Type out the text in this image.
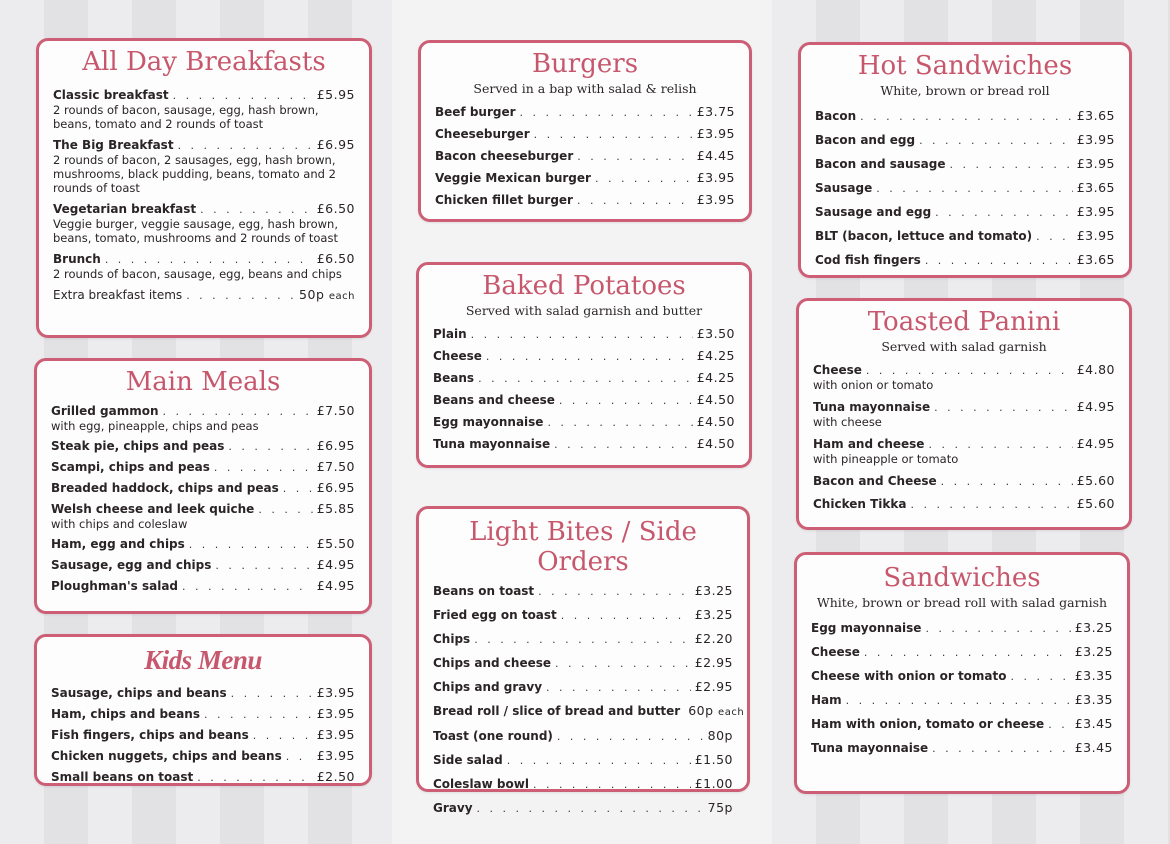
All Day Breakfasts
Classic breakfast . . .	£5.95
2 rounds of bacon, sausage, egg, hash brown, beans, tomato and 2 rounds of toast
The Big Breakfast . . .	£6.95
2 rounds of bacon, 2 sausages, egg, hash brown, mushrooms, black pudding, beans, tomato and 2 rounds of toast
Vegetarian breakfast . . .	£6.50
Veggie burger, veggie sausage, egg, hash brown, beans, tomato, mushrooms and 2 rounds of toast
Brunch . . .	£6.50
2 rounds of bacon, sausage, egg, beans and chips
Extra breakfast items . . .	50p each
Main Meals
Grilled gammon . . .	£7.50
with egg, pineapple, chips and peas
Steak pie, chips and peas . . .	£6.95
Scampi, chips and peas . . .	£7.50
Breaded haddock, chips and peas . . .	£6.95
Welsh cheese and leek quiche . . .	£5.85
with chips and coleslaw
Ham, egg and chips . . .	£5.50
Sausage, egg and chips . . .	£4.95
Ploughman's salad . . .	£4.95
Kids Menu
Sausage, chips and beans . . .	£3.95
Ham, chips and beans . . .	£3.95
Fish fingers, chips and beans . . .	£3.95
Chicken nuggets, chips and beans . . .	£3.95
Small beans on toast . . .	£2.50
Burgers
Served in a bap with salad & relish
Beef burger . . .	£3.75
Cheeseburger . . .	£3.95
Bacon cheeseburger . . .	£4.45
Veggie Mexican burger . . .	£3.95
Chicken fillet burger . . .	£3.95
Baked Potatoes
Served with salad garnish and butter
Plain . . .	£3.50
Cheese . . .	£4.25
Beans . . .	£4.25
Beans and cheese . . .	£4.50
Egg mayonnaise . . .	£4.50
Tuna mayonnaise . . .	£4.50
Light Bites / Side Orders
Beans on toast . . .	£3.25
Fried egg on toast . . .	£3.25
Chips . . .	£2.20
Chips and cheese . . .	£2.95
Chips and gravy . . .	£2.95
Bread roll / slice of bread and butter 60p each
Toast (one round) . . .	80p
Side salad . . .	£1.50
Coleslaw bowl . . .	£1.00
Gravy . . .	75p
Hot Sandwiches
White, brown or bread roll
Bacon . . .	£3.65
Bacon and egg . . .	£3.95
Bacon and sausage . . .	£3.95
Sausage . . .	£3.65
Sausage and egg . . .	£3.95
BLT (bacon, lettuce and tomato) . . .	£3.95
Cod fish fingers . . .	£3.65
Toasted Panini
Served with salad garnish
Cheese . . .	£4.80
with onion or tomato
Tuna mayonnaise . . .	£4.95
with cheese
Ham and cheese . . .	£4.95
with pineapple or tomato
Bacon and Cheese . . .	£5.60
Chicken Tikka . . .	£5.60
Sandwiches
White, brown or bread roll with salad garnish
Egg mayonnaise . . .	£3.25
Cheese . . .	£3.25
Cheese with onion or tomato . . .	£3.35
Ham . . .	£3.35
Ham with onion, tomato or cheese . . . £3.45
Tuna mayonnaise . . .	£3.45
